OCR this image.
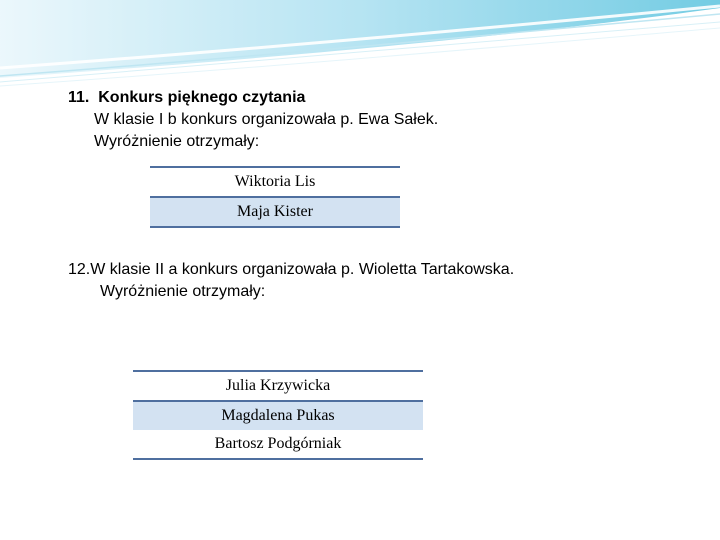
11. Konkurs pięknego czytania
W klasie I b konkurs organizowała p. Ewa Sałek.
Wyróżnienie otrzymały:
Wiktoria Lis
Maja Kister
12.W klasie II a konkurs organizowała p. Wioletta Tartakowska.
Wyróżnienie otrzymały:
Julia Krzywicka
Magdalena Pukas
Bartosz Podgórniak
